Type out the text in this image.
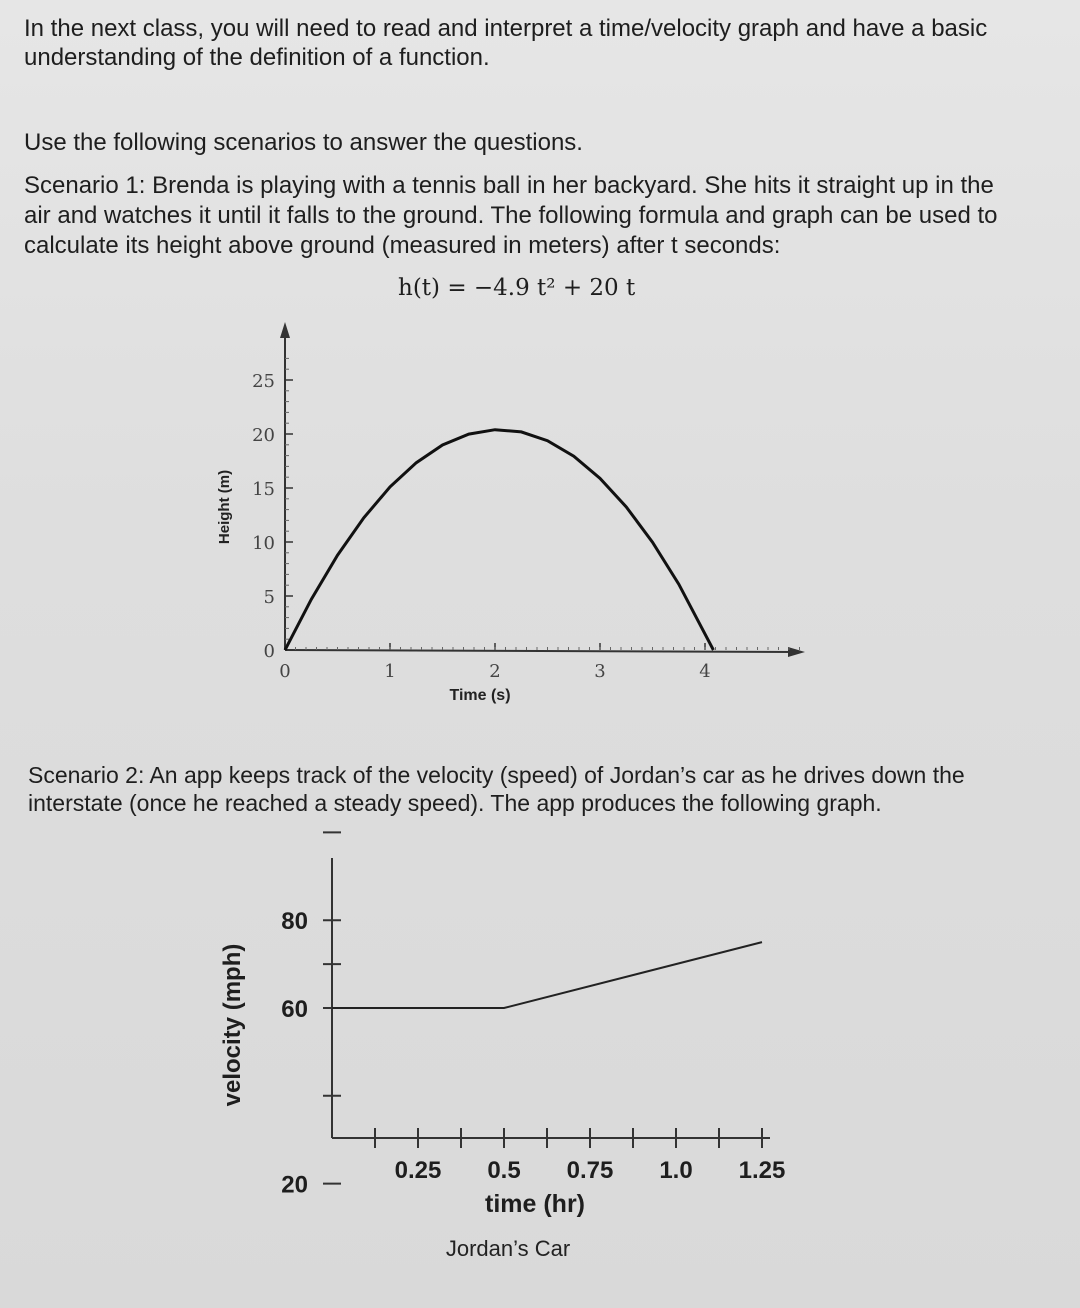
In the next class, you will need to read and interpret a time/velocity graph and have a basic understanding of the definition of a function.
Use the following scenarios to answer the questions.
Scenario 1: Brenda is playing with a tennis ball in her backyard. She hits it straight up in the air and watches it until it falls to the ground. The following formula and graph can be used to calculate its height above ground (measured in meters) after t seconds:
h(t) = −4.9 t² + 20 t
Scenario 2: An app keeps track of the velocity (speed) of Jordan’s car as he drives down the interstate (once he reached a steady speed). The app produces the following graph.
0
5
10
15
20
25
0	1	2	3	4
Time (s)
Height (m)
20
60
80
0.25 0.5 0.75 1.0 1.25
time (hr)
Jordan’s Car
velocity (mph)
